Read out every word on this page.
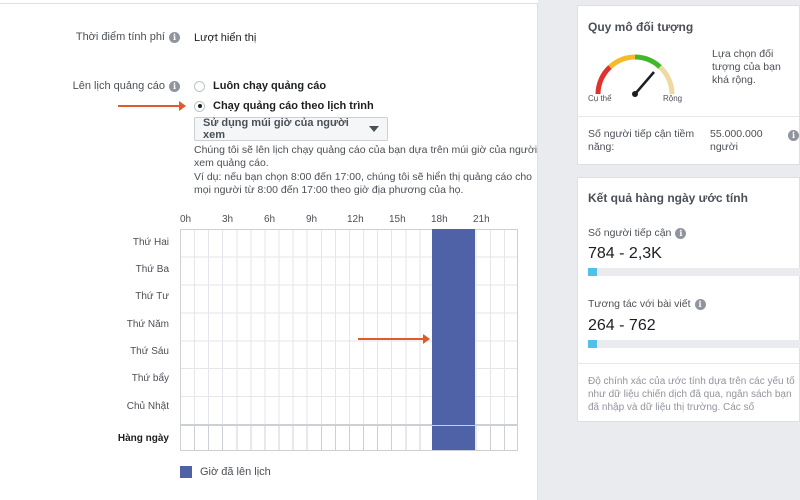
Thời điểm tính phí i	Lượt hiển thị
Lên lịch quảng cáo i	Luôn chạy quảng cáo
Chạy quảng cáo theo lịch trình
Sử dụng múi giờ của người xem
Chúng tôi sẽ lên lịch chạy quảng cáo của bạn dựa trên múi giờ của người xem quảng cáo.
Ví dụ: nếu bạn chọn 8:00 đến 17:00, chúng tôi sẽ hiển thị quảng cáo cho mọi người từ 8:00 đến 17:00 theo giờ địa phương của họ.
0h	3h	6h	9h	12h	15h	18h	21h
Thứ Hai
Thứ Ba
Thứ Tư
Thứ Năm
Thứ Sáu
Thứ bẩy
Chủ Nhật
Hàng ngày
Giờ đã lên lịch
Quy mô đối tượng
Cụ thể	Rộng
Lựa chọn đối tượng của bạn khá rộng.
Số người tiếp cận tiềm năng:
55.000.000 người
i
Kết quả hàng ngày ước tính
Số người tiếp cận i
784 - 2,3K
Tương tác với bài viết i
264 - 762
Độ chính xác của ước tính dựa trên các yếu tố như dữ liệu chiến dịch đã qua, ngân sách bạn đã nhập và dữ liệu thị trường. Các số
